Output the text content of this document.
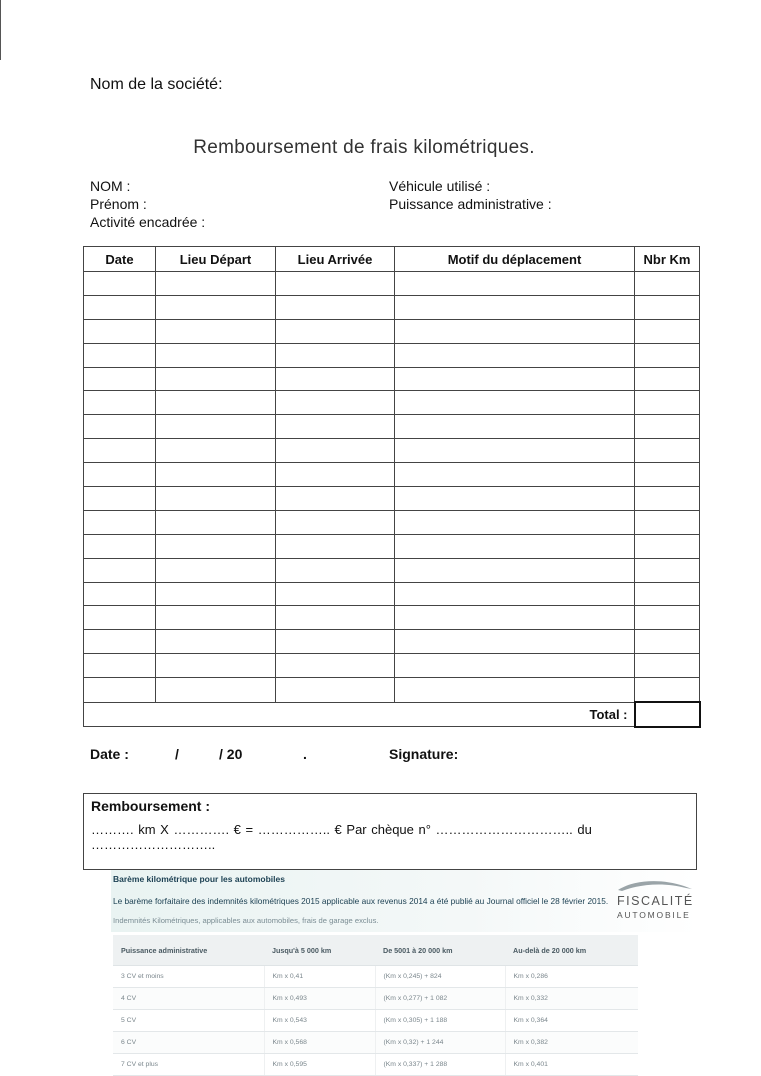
Nom de la société:
Remboursement de frais kilométriques.
NOM :
Prénom :
Activité encadrée :
Véhicule utilisé :
Puissance administrative :
Date	Lieu Départ	Lieu Arrivée	Motif du déplacement	Nbr Km

			Total :	
Date :	/	/ 20	.	Signature:
Remboursement :
………. km X …………. € = …………….. € Par chèque n° ………………………….. du ………………………..
Barème kilométrique pour les automobiles
Le barème forfaitaire des indemnités kilométriques 2015 applicable aux revenus 2014 a été publié au Journal officiel le 28 février 2015.
Indemnités Kilométriques, applicables aux automobiles, frais de garage exclus.
FISCALITÉ
AUTOMOBILE
Puissance administrative	Jusqu'à 5 000 km	De 5001 à 20 000 km	Au-delà de 20 000 km
3 CV et moins	Km x 0,41	(Km x 0,245) + 824	Km x 0,286
4 CV	Km x 0,493	(Km x 0,277) + 1 082	Km x 0,332
5 CV	Km x 0,543	(Km x 0,305) + 1 188	Km x 0,364
6 CV	Km x 0,568	(Km x 0,32) + 1 244	Km x 0,382
7 CV et plus	Km x 0,595	(Km x 0,337) + 1 288	Km x 0,401
